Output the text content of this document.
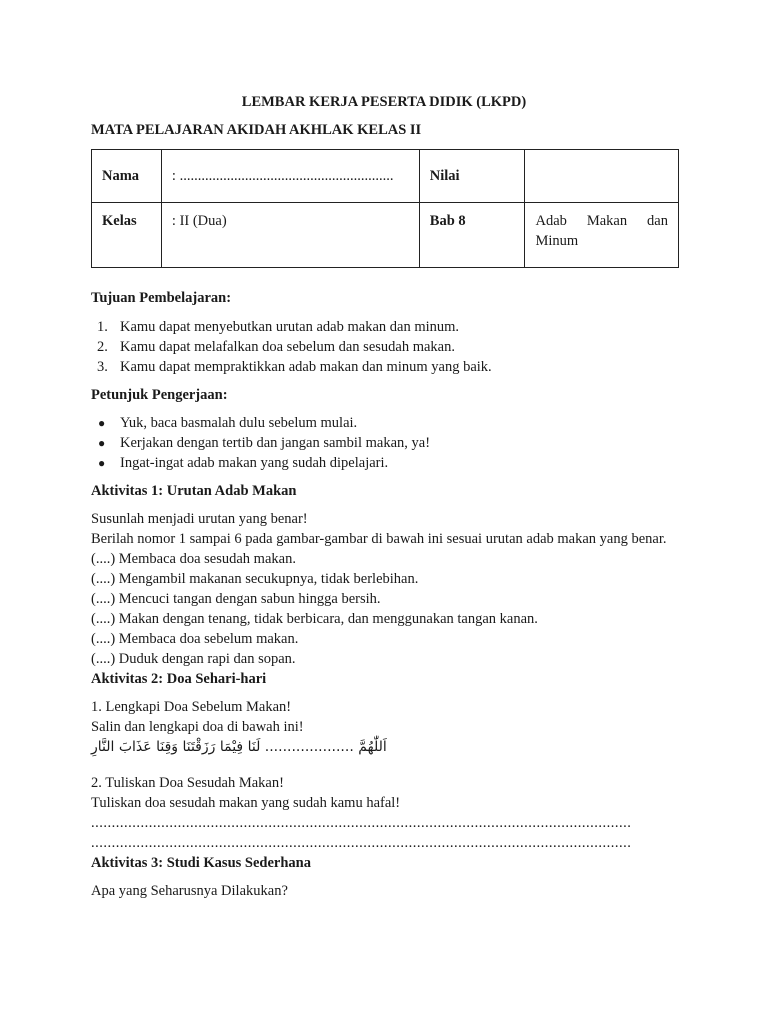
LEMBAR KERJA PESERTA DIDIK (LKPD)
MATA PELAJARAN AKIDAH AKHLAK KELAS II
Nama	: ...........................................................	Nilai	
Kelas	: II (Dua)	Bab 8	Adab Makan dan Minum

Tujuan Pembelajaran:

1. Kamu dapat menyebutkan urutan adab makan dan minum.
2. Kamu dapat melafalkan doa sebelum dan sesudah makan.
3. Kamu dapat mempraktikkan adab makan dan minum yang baik.

Petunjuk Pengerjaan:

● Yuk, baca basmalah dulu sebelum mulai.
● Kerjakan dengan tertib dan jangan sambil makan, ya!
● Ingat-ingat adab makan yang sudah dipelajari.

Aktivitas 1: Urutan Adab Makan

Susunlah menjadi urutan yang benar!

Berilah nomor 1 sampai 6 pada gambar-gambar di bawah ini sesuai urutan adab makan yang benar.

(....) Membaca doa sesudah makan.

(....) Mengambil makanan secukupnya, tidak berlebihan.

(....) Mencuci tangan dengan sabun hingga bersih.

(....) Makan dengan tenang, tidak berbicara, dan menggunakan tangan kanan.

(....) Membaca doa sebelum makan.

(....) Duduk dengan rapi dan sopan.

Aktivitas 2: Doa Sehari-hari

1. Lengkapi Doa Sebelum Makan!

Salin dan lengkapi doa di bawah ini!

اَللّٰهُمَّ .................... لَنَا فِيْمَا رَزَقْتَنَا وَقِنَا عَذَابَ النَّارِ

2. Tuliskan Doa Sesudah Makan!

Tuliskan doa sesudah makan yang sudah kamu hafal!

...................................................................................................................................

...................................................................................................................................

Aktivitas 3: Studi Kasus Sederhana

Apa yang Seharusnya Dilakukan?
